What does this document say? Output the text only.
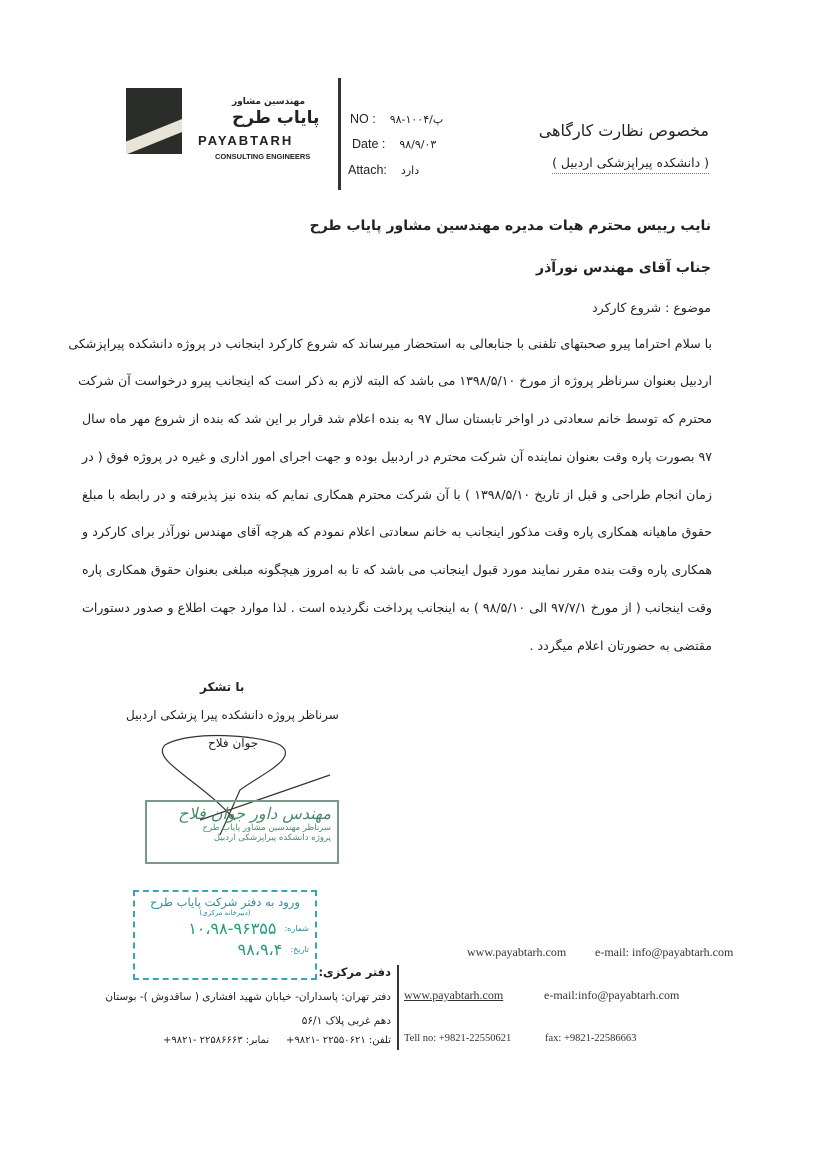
مهندسین مشاور
پایاب طرح
PAYABTARH
CONSULTING ENGINEERS
NO : ۹۸-۱۰۰۴/پ
Date : ۹۸/۹/۰۳
Attach: دارد
مخصوص نظارت کارگاهی
( دانشکده پیراپزشکی اردبیل )
نایب رییس محترم هیات مدیره مهندسین مشاور پایاب طرح
جناب آقای مهندس نورآذر
موضوع : شروع کارکرد
با سلام احتراما پیرو صحبتهای تلفنی با جنابعالی به استحضار میرساند که شروع کارکرد اینجانب در پروژه دانشکده پیراپزشکی
اردبیل بعنوان سرناظر پروژه از مورخ ۱۳۹۸/۵/۱۰ می باشد که البته لازم به ذکر است که اینجانب پیرو درخواست آن شرکت
محترم که توسط خانم سعادتی در اواخر تابستان سال ۹۷ به بنده اعلام شد قرار بر این شد که بنده از شروع مهر ماه سال
۹۷ بصورت پاره وقت بعنوان نماینده آن شرکت محترم در اردبیل بوده و جهت اجرای امور اداری و غیره در پروژه فوق ( در
زمان انجام طراحی و قبل از تاریخ ۱۳۹۸/۵/۱۰ ) با آن شرکت محترم همکاری نمایم که بنده نیز پذیرفته و در رابطه با مبلغ
حقوق ماهیانه همکاری پاره وقت مذکور اینجانب به خانم سعادتی اعلام نمودم که هرچه آقای مهندس نورآذر برای کارکرد و
همکاری پاره وقت بنده مقرر نمایند مورد قبول اینجانب می باشد که تا به امروز هیچگونه مبلغی بعنوان حقوق همکاری پاره
وقت اینجانب ( از مورخ ۹۷/۷/۱ الی ۹۸/۵/۱۰ ) به اینجانب پرداخت نگردیده است . لذا موارد جهت اطلاع و صدور دستورات
مقتضی به حضورتان اعلام میگردد .
با تشکر
سرناظر پروژه دانشکده پیرا پزشکی اردبیل
جوان فلاح
مهندس داور جوان فلاح
سرناظر مهندسین مشاور پایاب طرح
پروژه دانشکده پیراپزشکی اردبیل
ورود به دفتر شرکت پایاب طرح
(دبیرخانه مرکزی)
شماره:
۱۰،۹۸-۹۶۳۵۵
تاریخ:
۹۸،۹،۴	www.payabtarh.com e-mail: info@payabtarh.com
دفتر مرکزی:
دفتر تهران: پاسداران- خیابان شهید افشاری ( ساقدوش )- بوستان
دهم غربی پلاک ۵۶/۱
تلفن: ۲۲۵۵۰۶۲۱ -۹۸۲۱+
نمابر: ۲۲۵۸۶۶۶۳ -۹۸۲۱+
www.payabtarh.com	e-mail:info@payabtarh.com
Tell no: +9821-22550621	fax: +9821-22586663
